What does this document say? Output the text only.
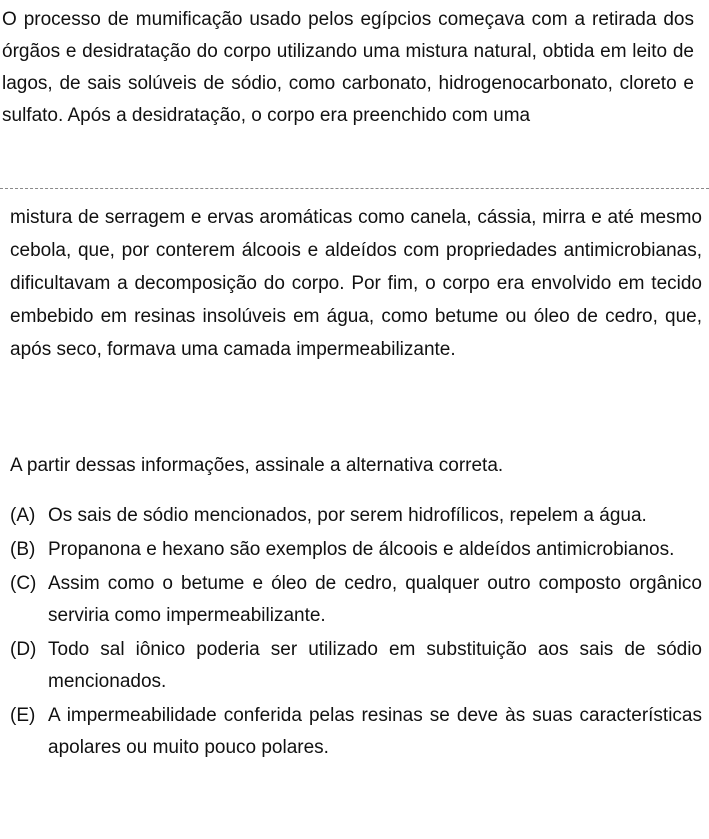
O processo de mumificação usado pelos egípcios começava com a retirada dos órgãos e desidratação do corpo utilizando uma mistura natural, obtida em leito de lagos, de sais solúveis de sódio, como carbonato, hidrogenocarbonato, cloreto e sulfato. Após a desidratação, o corpo era preenchido com uma
mistura de serragem e ervas aromáticas como canela, cássia, mirra e até mesmo cebola, que, por conterem álcoois e aldeídos com propriedades antimicrobianas, dificultavam a decomposição do corpo. Por fim, o corpo era envolvido em tecido embebido em resinas insolúveis em água, como betume ou óleo de cedro, que, após seco, formava uma camada impermeabilizante.
A partir dessas informações, assinale a alternativa correta.
(A) Os sais de sódio mencionados, por serem hidrofílicos, repelem a água.
(B) Propanona e hexano são exemplos de álcoois e aldeídos antimicrobianos.
(C) Assim como o betume e óleo de cedro, qualquer outro composto orgânico serviria como impermeabilizante.
(D) Todo sal iônico poderia ser utilizado em substituição aos sais de sódio mencionados.
(E) A impermeabilidade conferida pelas resinas se deve às suas características apolares ou muito pouco polares.
